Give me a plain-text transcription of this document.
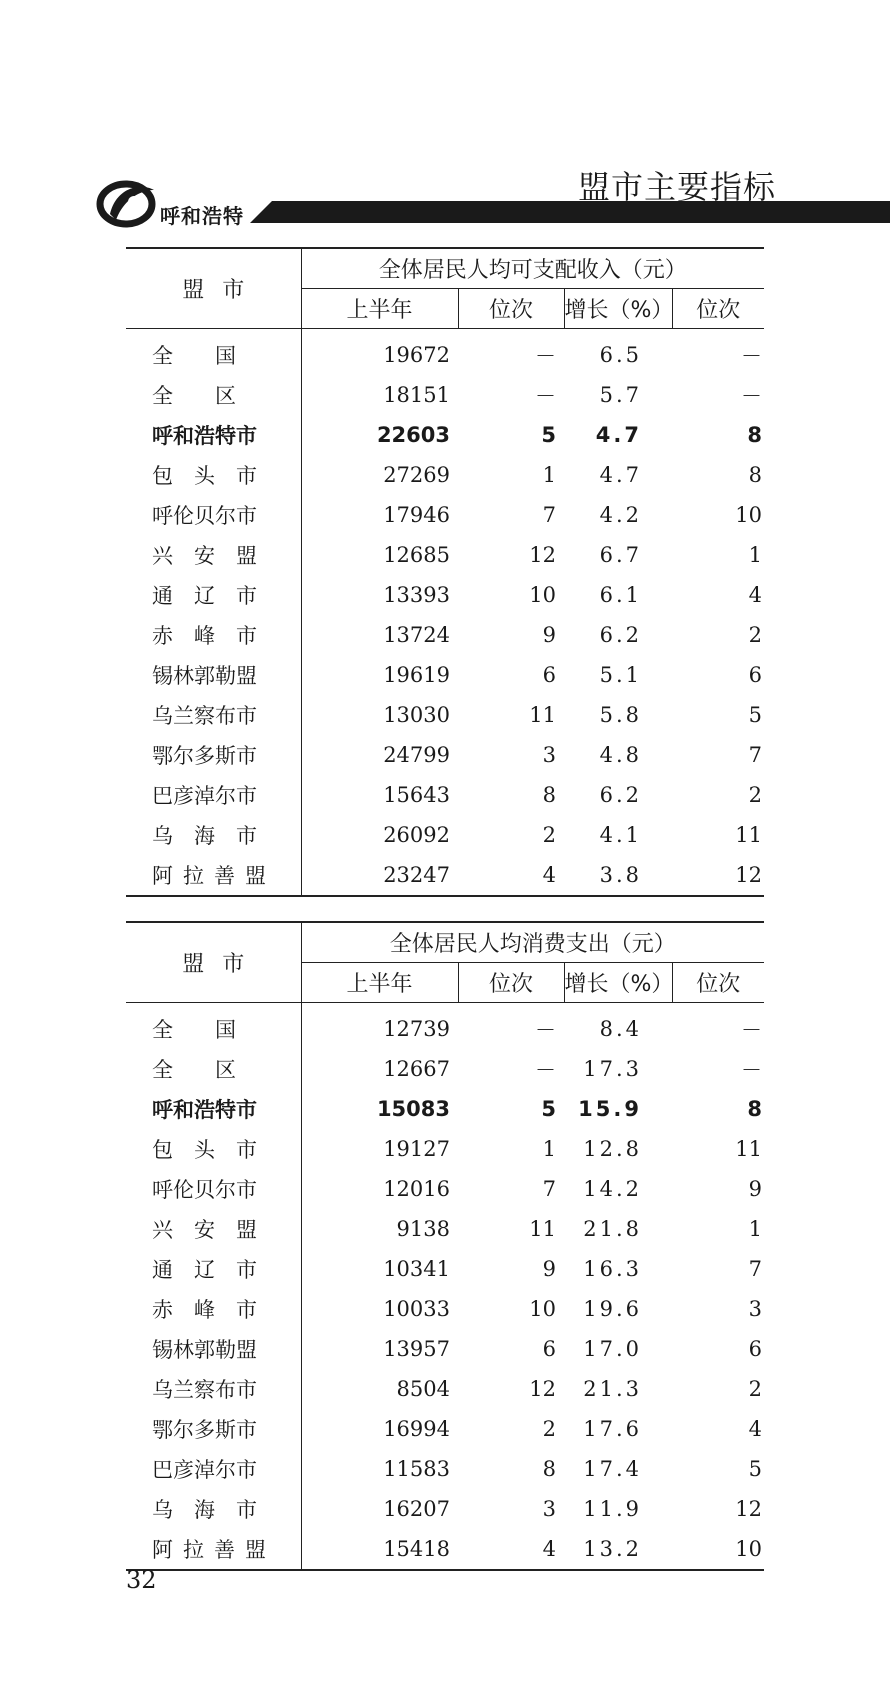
呼和浩特
盟市主要指标
盟市	全体居民人均可支配收入（元）			
	上半年	位次	增长（%）	位次

全 国	19672	－	6.5	－

全 区	18151	－	5.7	－

呼和浩特市	22603	5	4.7	8

包 头 市	27269	1	4.7	8

呼伦贝尔市	17946	7	4.2	10

兴 安 盟	12685	12	6.7	1

通 辽 市	13393	10	6.1	4

赤 峰 市	13724	9	6.2	2

锡林郭勒盟	19619	6	5.1	6

乌兰察布市	13030	11	5.8	5

鄂尔多斯市	24799	3	4.8	7

巴彦淖尔市	15643	8	6.2	2

乌 海 市	26092	2	4.1	11

阿拉善盟	23247	4	3.8	12
盟市	全体居民人均消费支出（元）			
	上半年	位次	增长（%）	位次

全 国	12739	－	8.4	－

全 区	12667	－	17.3	－

呼和浩特市	15083	5	15.9	8

包 头 市	19127	1	12.8	11

呼伦贝尔市	12016	7	14.2	9

兴 安 盟	9138	11	21.8	1

通 辽 市	10341	9	16.3	7

赤 峰 市	10033	10	19.6	3

锡林郭勒盟	13957	6	17.0	6

乌兰察布市	8504	12	21.3	2

鄂尔多斯市	16994	2	17.6	4

巴彦淖尔市	11583	8	17.4	5

乌 海 市	16207	3	11.9	12

阿拉善盟	15418	4	13.2	10
32
